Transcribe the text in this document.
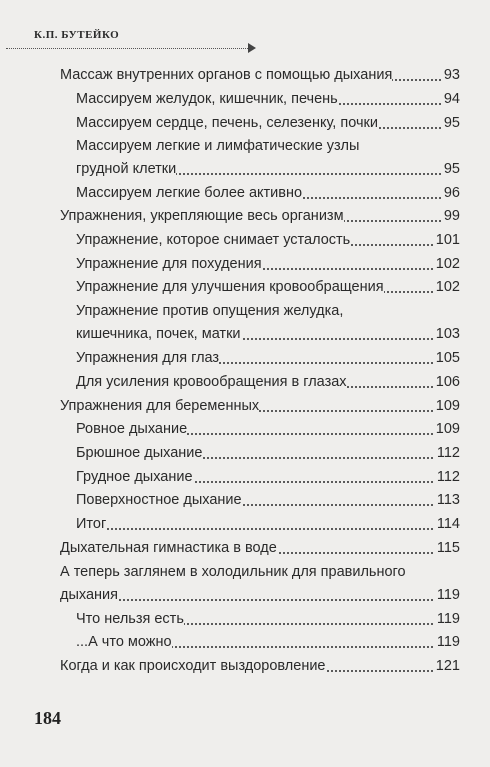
К.П. БУТЕЙКО
Массаж внутренних органов с помощью дыхания	93
Массируем желудок, кишечник, печень	94
Массируем сердце, печень, селезенку, почки	95
Массируем легкие и лимфатические узлы
грудной клетки	95
Массируем легкие более активно	96
Упражнения, укрепляющие весь организм	99
Упражнение, которое снимает усталость	101
Упражнение для похудения	102
Упражнение для улучшения кровообращения	102
Упражнение против опущения желудка,
кишечника, почек, матки	103
Упражнения для глаз	105
Для усиления кровообращения в глазах	106
Упражнения для беременных	109
Ровное дыхание	109
Брюшное дыхание	112
Грудное дыхание	112
Поверхностное дыхание	113
Итог	114
Дыхательная гимнастика в воде	115
А теперь заглянем в холодильник для правильного
дыхания	119
Что нельзя есть	119
...А что можно	119
Когда и как происходит выздоровление	121
184
